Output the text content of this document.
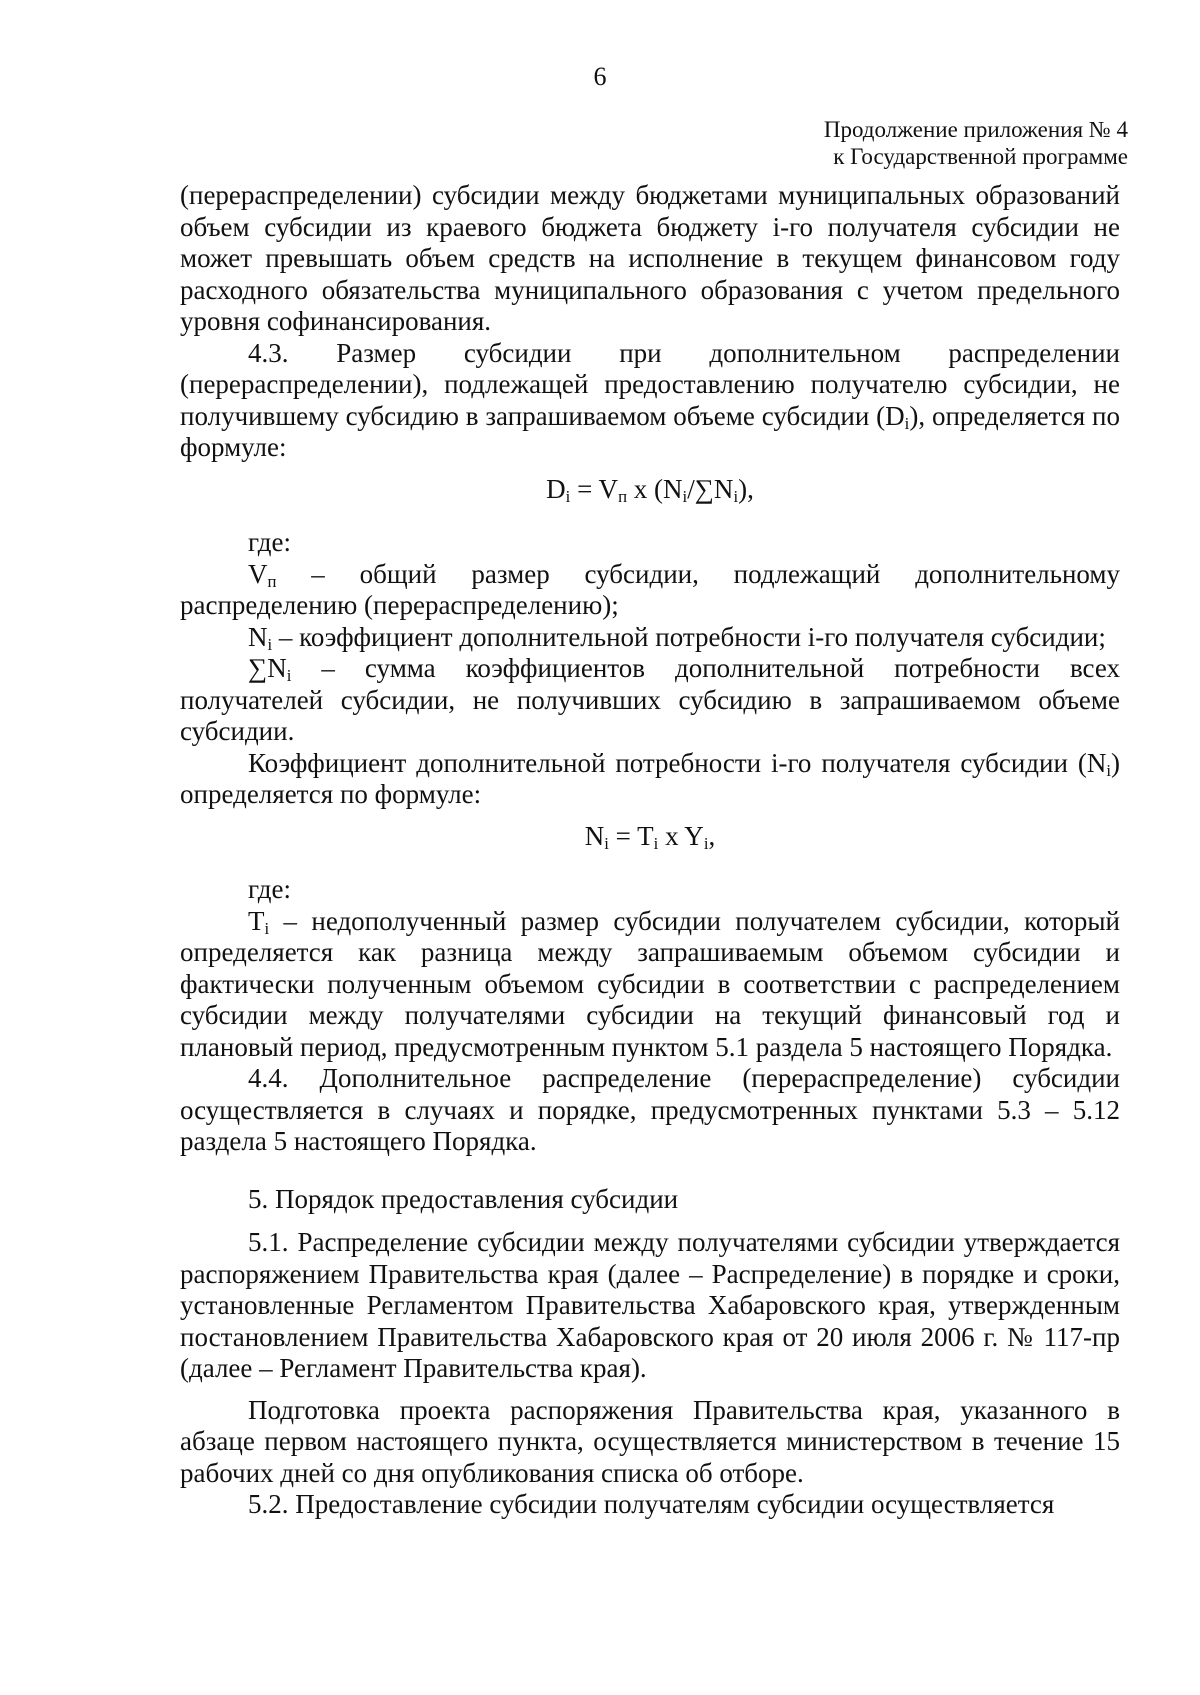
6
Продолжение приложения № 4
к Государственной программе

(перераспределении) субсидии между бюджетами муниципальных образований объем субсидии из краевого бюджета бюджету i-го получателя субсидии не может превышать объем средств на исполнение в текущем финансовом году расходного обязательства муниципального образования с учетом предельного уровня софинансирования.

4.3. Размер субсидии при дополнительном распределении (перераспределении), подлежащей предоставлению получателю субсидии, не получившему субсидию в запрашиваемом объеме субсидии $(D_i)$, определяется по формуле:

$D_i = V_п$ x $(N_i/\sum N_i)$,

где:

$V_п$ – общий размер субсидии, подлежащий дополнительному распределению (перераспределению);

$N_i$ – коэффициент дополнительной потребности i-го получателя субсидии;

$\sum N_i$ – сумма коэффициентов дополнительной потребности всех получателей субсидии, не получивших субсидию в запрашиваемом объеме субсидии.

Коэффициент дополнительной потребности i-го получателя субсидии $(N_i)$ определяется по формуле:

$N_i = T_i$ x $Y_i$,

где:

$T_i$ – недополученный размер субсидии получателем субсидии, который определяется как разница между запрашиваемым объемом субсидии и фактически полученным объемом субсидии в соответствии с распределением субсидии между получателями субсидии на текущий финансовый год и плановый период, предусмотренным пунктом 5.1 раздела 5 настоящего Порядка.

4.4. Дополнительное распределение (перераспределение) субсидии осуществляется в случаях и порядке, предусмотренных пунктами 5.3 – 5.12 раздела 5 настоящего Порядка.

5. Порядок предоставления субсидии

5.1. Распределение субсидии между получателями субсидии утверждается распоряжением Правительства края (далее – Распределение) в порядке и сроки, установленные Регламентом Правительства Хабаровского края, утвержденным постановлением Правительства Хабаровского края от 20 июля 2006 г. № 117-пр (далее – Регламент Правительства края).

Подготовка проекта распоряжения Правительства края, указанного в абзаце первом настоящего пункта, осуществляется министерством в течение 15 рабочих дней со дня опубликования списка об отборе.

5.2. Предоставление субсидии получателям субсидии осуществляется
